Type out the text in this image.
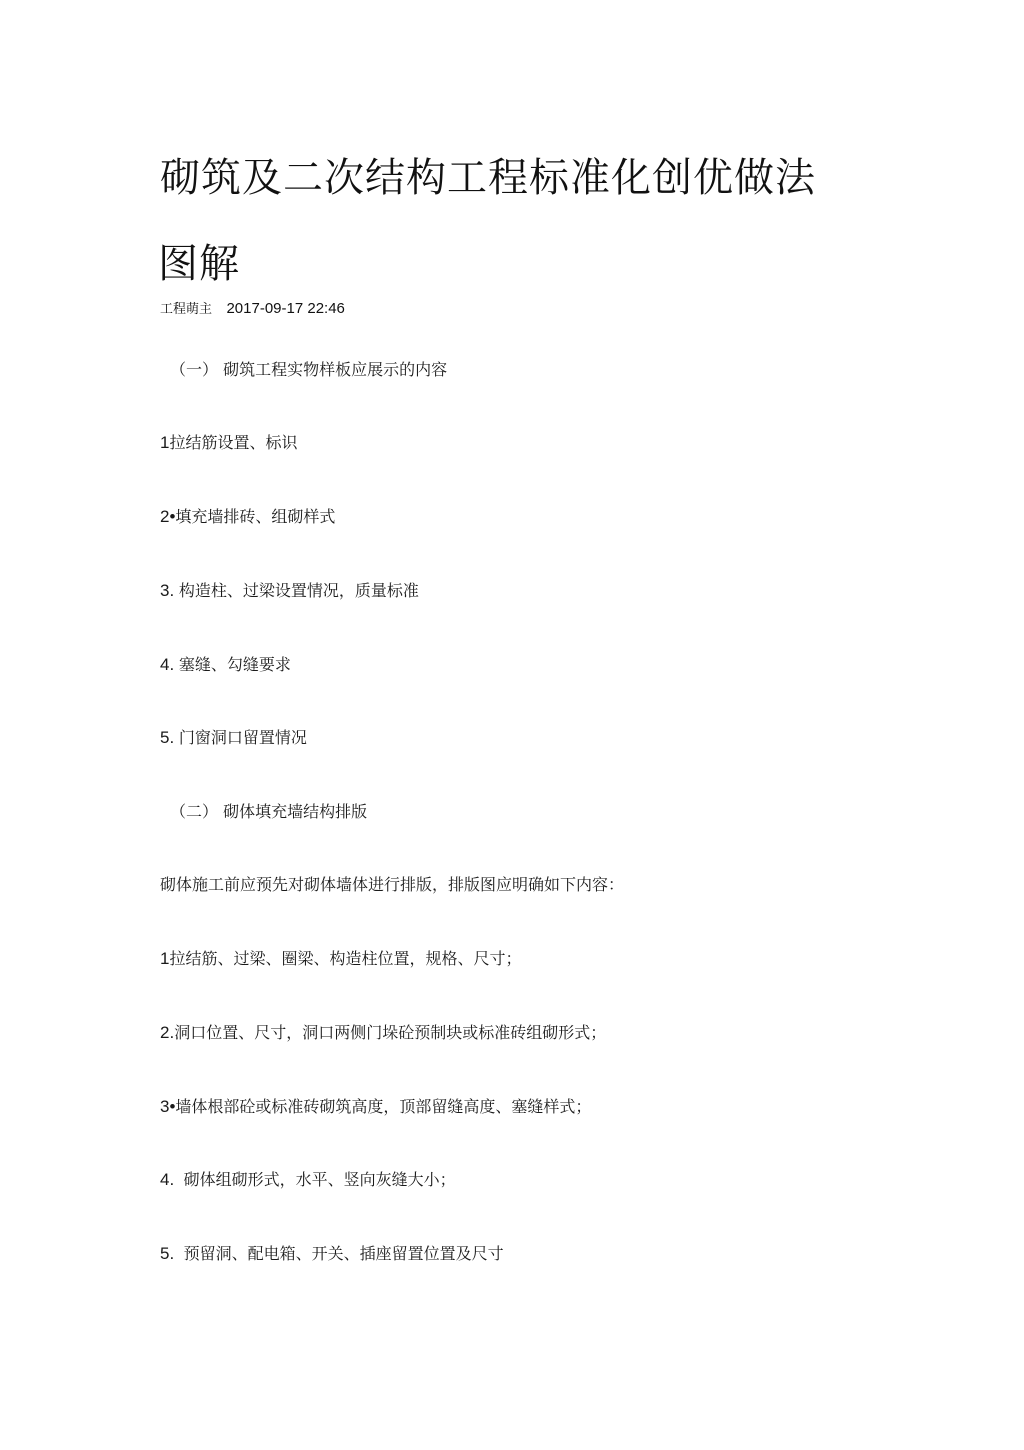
砌筑及二次结构工程标准化创优做法
图解
工程萌主 2017-09-17 22:46
（一） 砌筑工程实物样板应展示的内容
1拉结筋设置、标识
2•填充墙排砖、组砌样式
3. 构造柱、过梁设置情况，质量标准
4. 塞缝、勾缝要求
5. 门窗洞口留置情况
（二） 砌体填充墙结构排版
砌体施工前应预先对砌体墙体进行排版，排版图应明确如下内容：
1拉结筋、过梁、圈梁、构造柱位置，规格、尺寸；
2.洞口位置、尺寸，洞口两侧门垛砼预制块或标准砖组砌形式；
3•墙体根部砼或标准砖砌筑高度，顶部留缝高度、塞缝样式；
4.  砌体组砌形式，水平、竖向灰缝大小；
5.  预留洞、配电箱、开关、插座留置位置及尺寸
